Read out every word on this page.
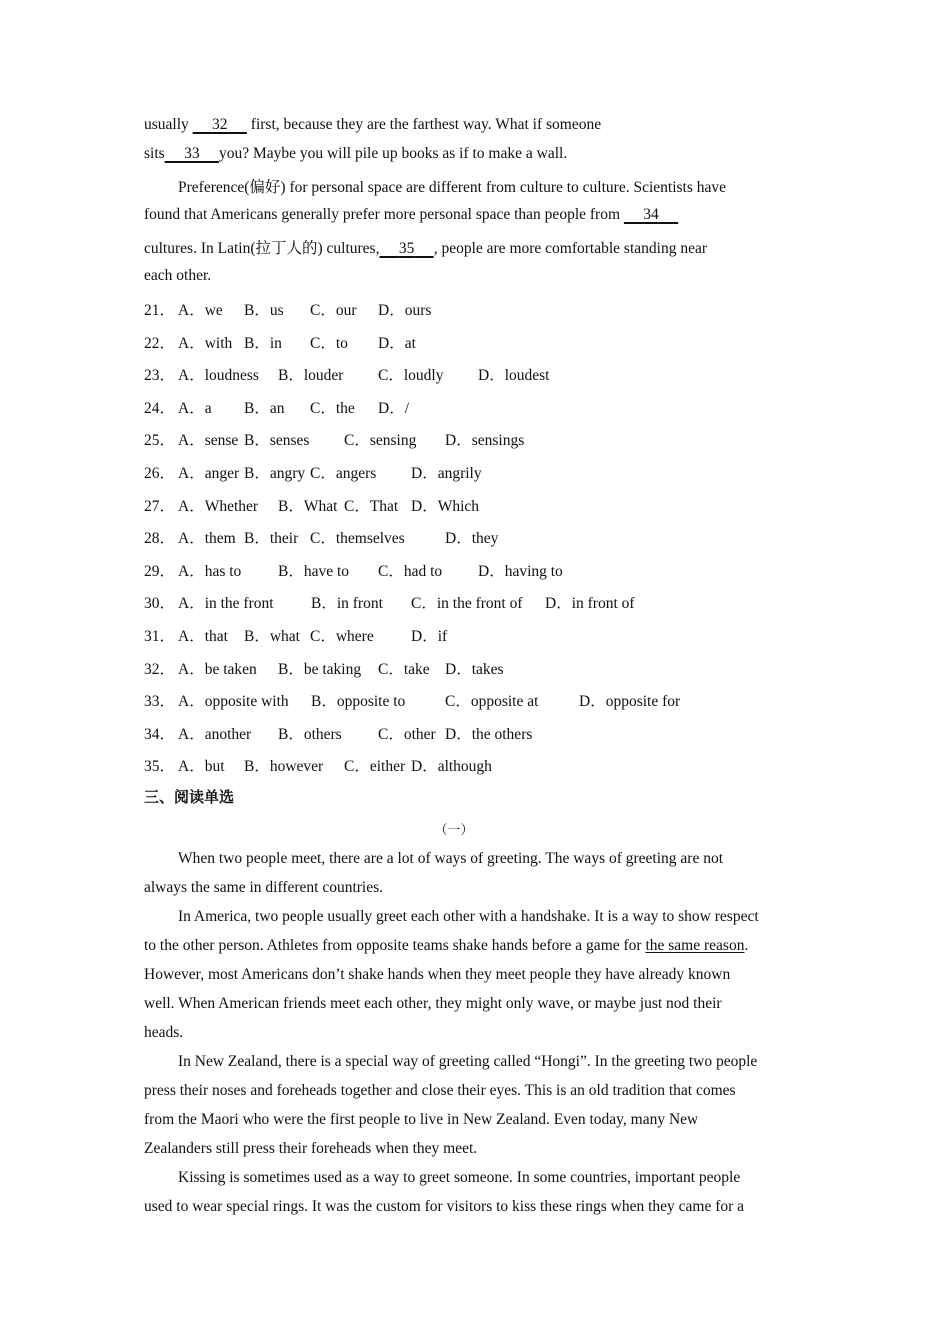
usually      32      first, because they are the farthest way. What if someone
sits 33 you? Maybe you will pile up books as if to make a wall.
Preference(偏好) for personal space are different from culture to culture. Scientists have
found that Americans generally prefer more personal space than people from      34
cultures. In Latin(拉丁人的) cultures, 35 , people are more comfortable standing near
each other.
21． A．we B．us C．our D．ours
22． A．with B．in C．to D．at
23． A．loudness B．louder C．loudly D．loudest
24． A．a B．an C．the D．/
25． A．sense B．senses C．sensing D．sensings
26． A．anger B．angry C．angers D．angrily
27． A．Whether B．What C．That D．Which
28． A．them B．their C．themselves	D．they
29． A．has to B．have to C．had to D．having to
30． A．in the front B．in front C．in the front of D．in front of
31． A．that B．what C．where D．if
32． A．be taken B．be taking C．take D．takes
33． A．opposite with B．opposite to	C．opposite at	D．opposite for
34． A．another B．others C．other D．the others
35． A．but B．however C．either D．although
三、阅读单选
（一）
When two people meet, there are a lot of ways of greeting. The ways of greeting are not
always the same in different countries.
In America, two people usually greet each other with a handshake. It is a way to show respect
to the other person. Athletes from opposite teams shake hands before a game for the same reason.
However, most Americans don’t shake hands when they meet people they have already known
well. When American friends meet each other, they might only wave, or maybe just nod their
heads.
In New Zealand, there is a special way of greeting called “Hongi”. In the greeting two people
press their noses and foreheads together and close their eyes. This is an old tradition that comes
from the Maori who were the first people to live in New Zealand. Even today, many New
Zealanders still press their foreheads when they meet.
Kissing is sometimes used as a way to greet someone. In some countries, important people
used to wear special rings. It was the custom for visitors to kiss these rings when they came for a
